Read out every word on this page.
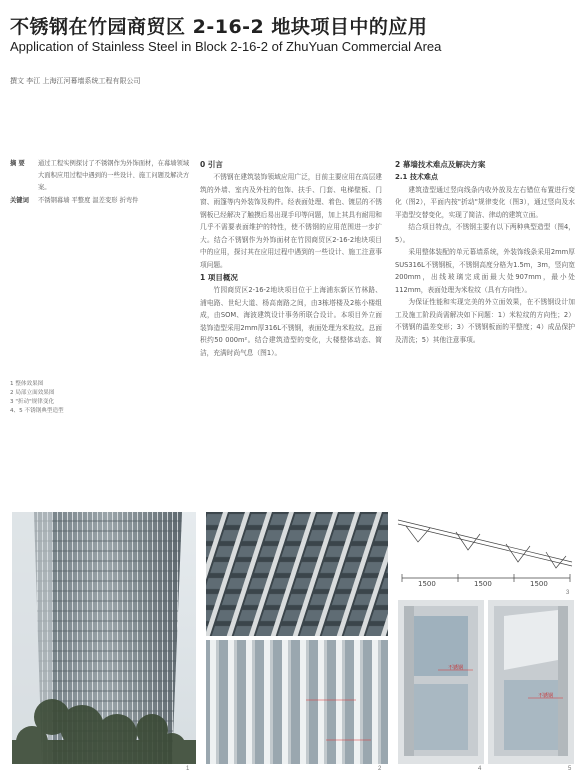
不锈钢在竹园商贸区 2-16-2 地块项目中的应用
Application of Stainless Steel in Block 2-16-2 of ZhuYuan Commercial Area
撰文 李江 上海江河幕墙系统工程有限公司
摘 要	通过工程实例探讨了不锈钢作为外饰面材，在幕墙领域大面积应用过程中遇到的一些设计、施工问题及解决方案。
关键词	不锈钢幕墙 平整度 温差变形 折弯件
1 整体效果图
2 局部立面效果图
3 "折动"规律变化
4、5 不锈钢典型造型
0 引言

不锈钢在建筑装饰领域应用广泛，目前主要应用在高层建筑的外墙、室内及外柱的包饰、扶手、门套、电梯壁板、门窗、雨篷等内外装饰及构件。经表面处理、着色、镀层的不锈钢板已经解决了触摸后易出现手印等问题，加上其具有耐用和几乎不需要表面维护的特性，使不锈钢的应用范围进一步扩大。结合不锈钢作为外饰面材在竹园商贸区2-16-2地块项目中的应用，探讨其在应用过程中遇到的一些设计、施工注意事项问题。

1 项目概况

竹园商贸区2-16-2地块项目位于上海浦东新区竹林路、浦电路、世纪大道、杨高南路之间，由3栋塔楼及2栋小楼组成，由SOM、海波建筑设计事务所联合设计。本项目外立面装饰造型采用2mm厚316L不锈钢，表面处理为米粒纹。总面积约50 000m²。结合建筑造型的变化，大楼整体动态、简洁，充满时尚气息（图1）。

2 幕墙技术难点及解决方案
2.1 技术难点

建筑造型通过竖向线条内收外放及左右错位布置进行变化（图2），平面内按"折动"规律变化（图3），通过竖向及水平造型交替变化，实现了简洁、律动的建筑立面。

结合项目特点，不锈钢主要有以下两种典型造型（图4，5）。

采用整体装配的单元幕墙系统，外装饰线条采用2mm厚SUS316L不锈钢板，不锈钢高度分格为1.5m，3m，竖向宽200mm，出线玻璃完成面最大处907mm，最小处112mm，表面处理为米粒纹（具有方向性）。

为保证性能和实现完美的外立面效果，在不锈钢设计加工及施工阶段尚需解决如下问题：1）米粒纹的方向性；2）不锈钢的温差变形；3）不锈钢板面的平整度；4）成品保护及清洗；5）其他注意事项。

1	2
1500	1500	1500
3
不锈钢
4
不锈钢
5
